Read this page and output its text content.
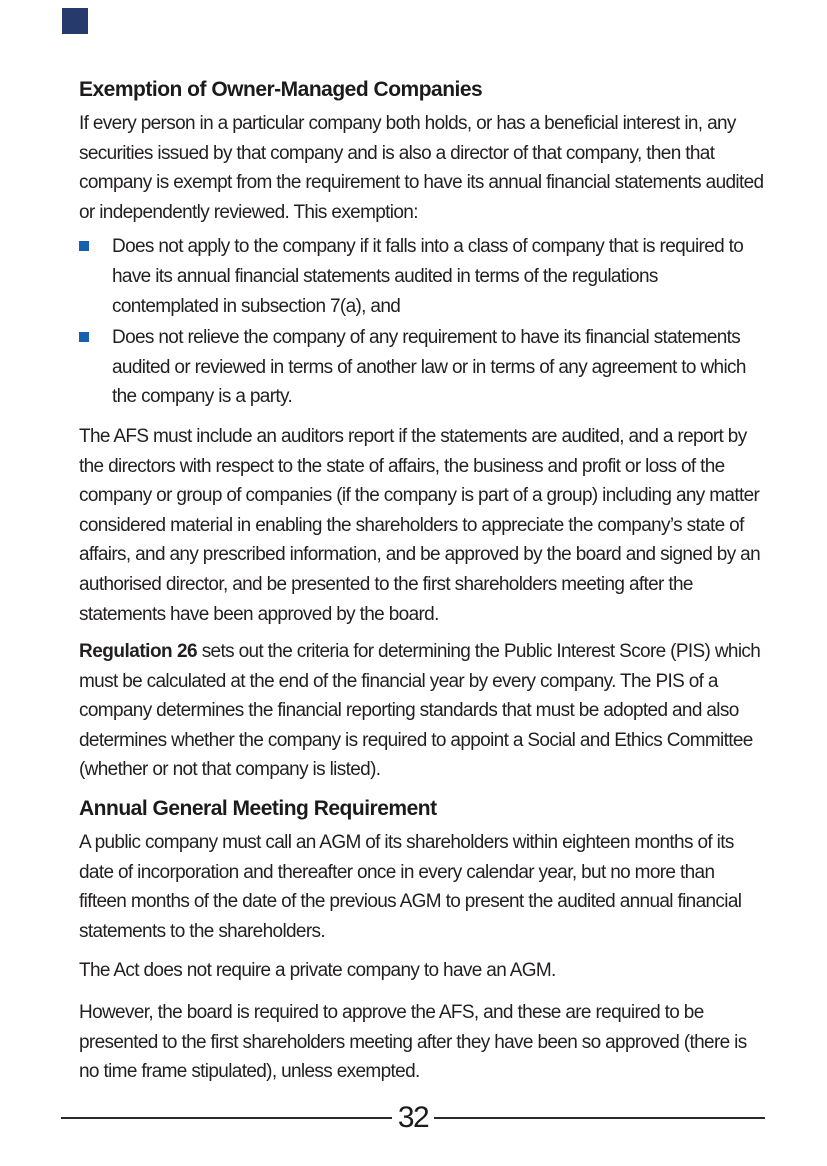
Exemption of Owner-Managed Companies

If every person in a particular company both holds, or has a beneficial interest in, any securities issued by that company and is also a director of that company, then that company is exempt from the requirement to have its annual financial statements audited or independently reviewed. This exemption:

Does not apply to the company if it falls into a class of company that is required to have its annual financial statements audited in terms of the regulations contemplated in subsection 7(a), and
Does not relieve the company of any requirement to have its financial statements audited or reviewed in terms of another law or in terms of any agreement to which the company is a party.

The AFS must include an auditors report if the statements are audited, and a report by the directors with respect to the state of affairs, the business and profit or loss of the company or group of companies (if the company is part of a group) including any matter considered material in enabling the shareholders to appreciate the company’s state of affairs, and any prescribed information, and be approved by the board and signed by an authorised director, and be presented to the first shareholders meeting after the statements have been approved by the board.

Regulation 26 sets out the criteria for determining the Public Interest Score (PIS) which must be calculated at the end of the financial year by every company. The PIS of a company determines the financial reporting standards that must be adopted and also determines whether the company is required to appoint a Social and Ethics Committee (whether or not that company is listed).

Annual General Meeting Requirement

A public company must call an AGM of its shareholders within eighteen months of its date of incorporation and thereafter once in every calendar year, but no more than fifteen months of the date of the previous AGM to present the audited annual financial statements to the shareholders.

The Act does not require a private company to have an AGM.

However, the board is required to approve the AFS, and these are required to be presented to the first shareholders meeting after they have been so approved (there is no time frame stipulated), unless exempted.

32
